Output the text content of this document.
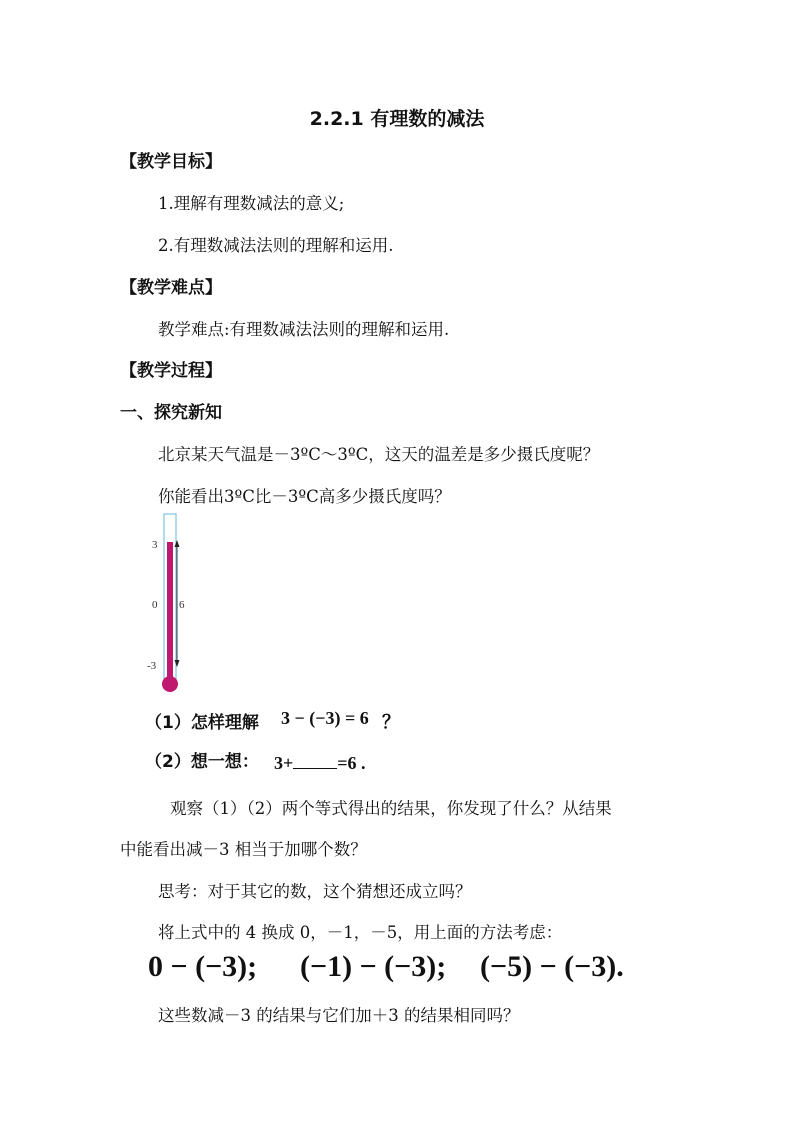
2.2.1 有理数的减法
【教学目标】
1.理解有理数减法的意义;
2.有理数减法法则的理解和运用.
【教学难点】
教学难点:有理数减法法则的理解和运用.
【教学过程】
一、探究新知
北京某天气温是－3ºC～3ºC，这天的温差是多少摄氏度呢？
你能看出3ºC比－3ºC高多少摄氏度吗？
3
0
-3
6
（1）怎样理解 3 − (−3) = 6 ？
（2）想一想： 3+ =6 .
观察（1）（2）两个等式得出的结果，你发现了什么？从结果
中能看出减－3 相当于加哪个数？
思考：对于其它的数，这个猜想还成立吗？
将上式中的 4 换成 0，－1，－5，用上面的方法考虑：
0 − (−3); (−1) − (−3); (−5) − (−3).
这些数减－3 的结果与它们加＋3 的结果相同吗？
